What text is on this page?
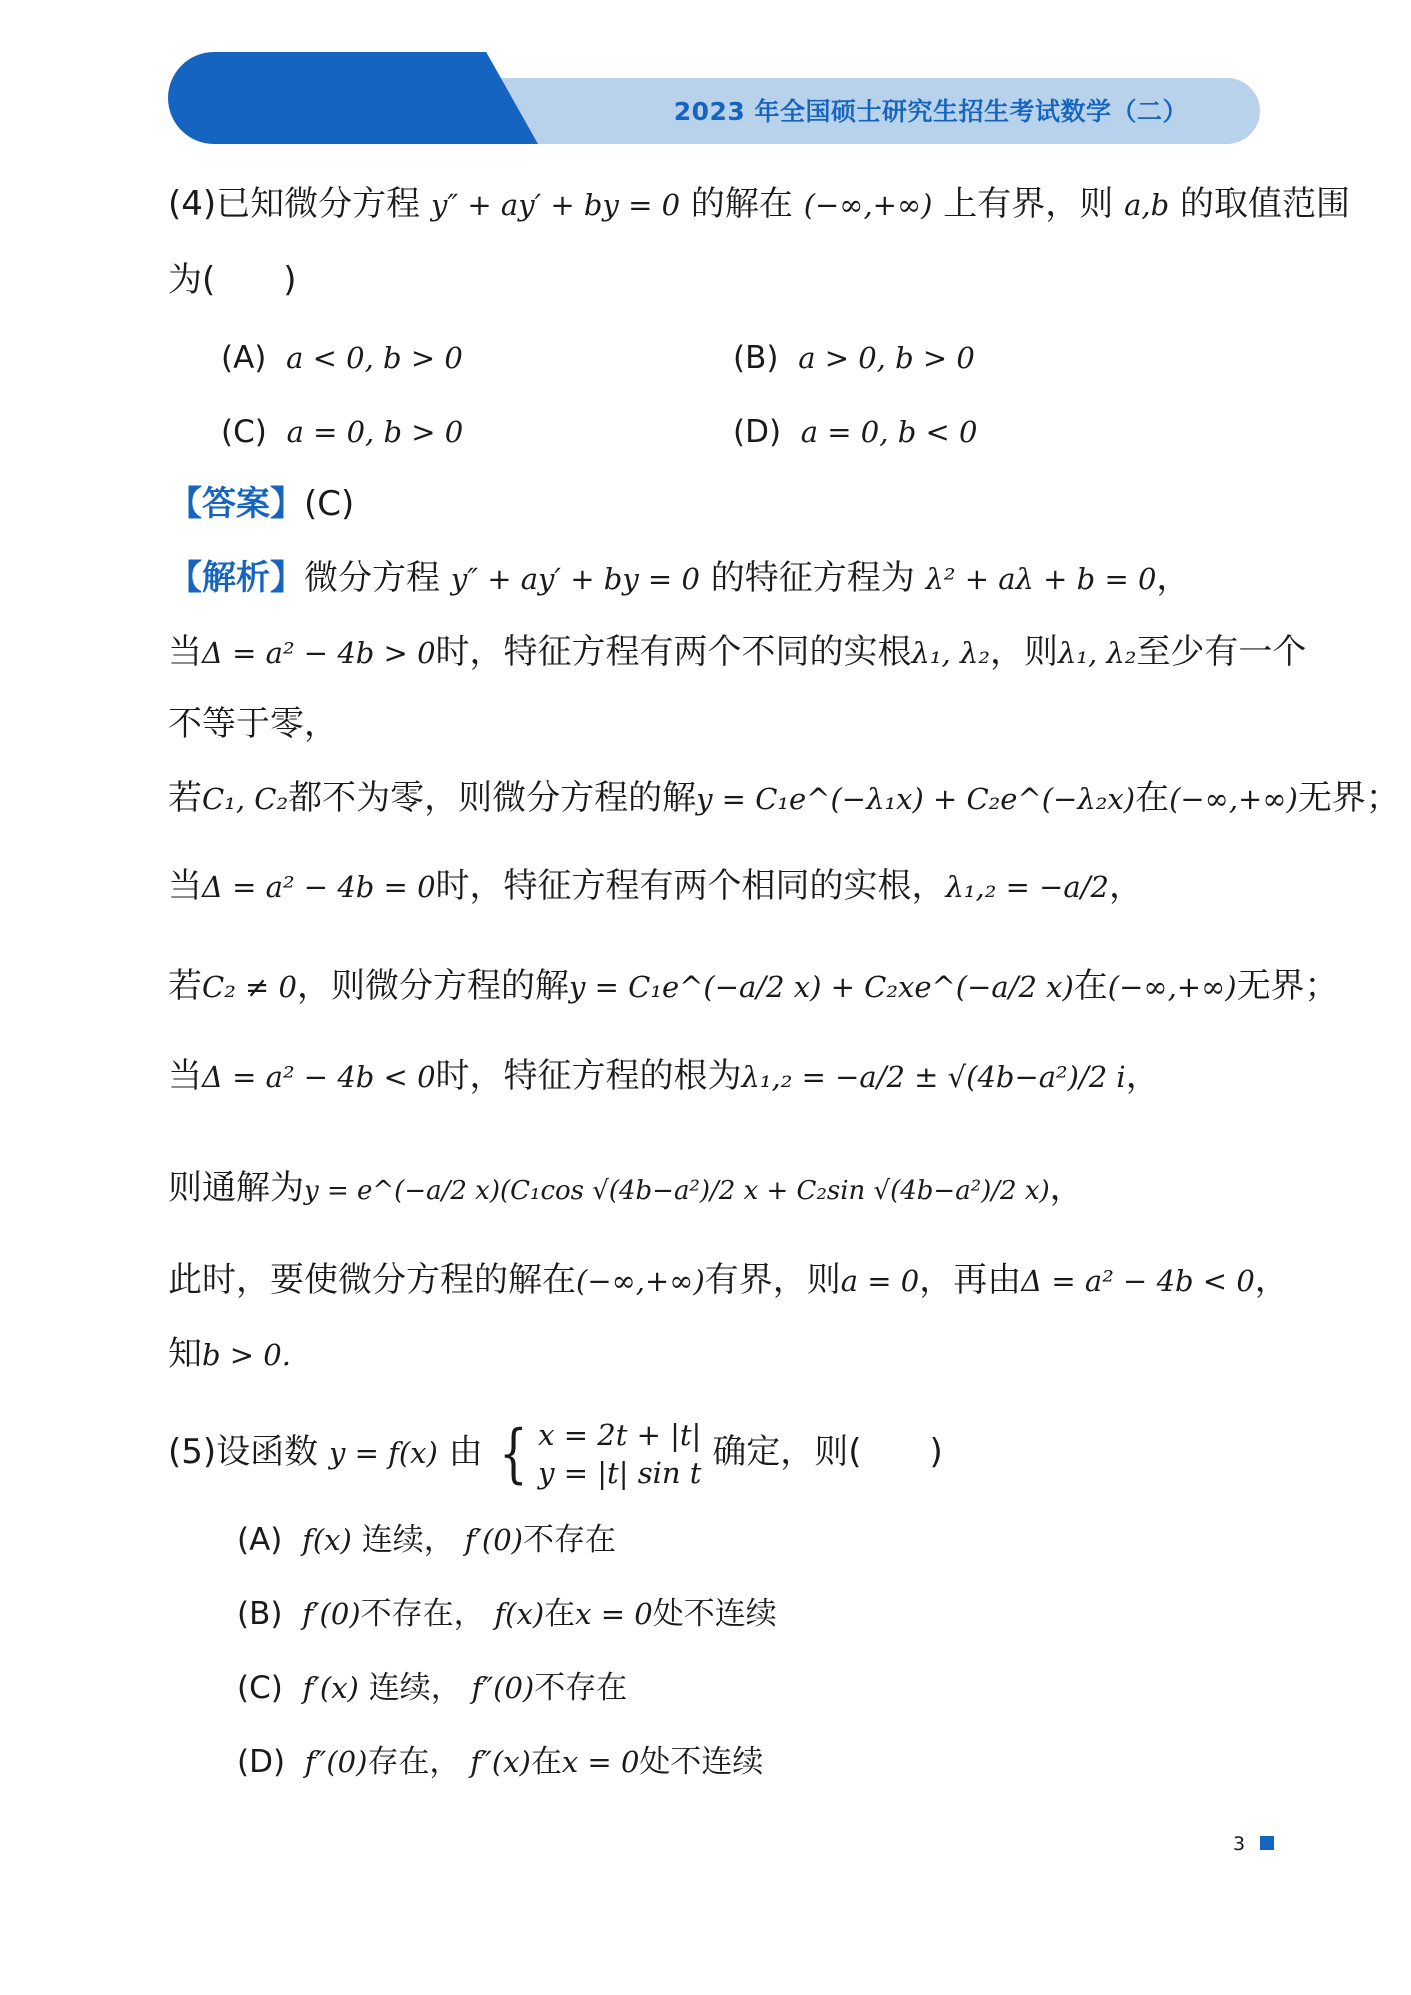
2023 年全国硕士研究生招生考试数学（二）
(4)已知微分方程 y″ + ay′ + by = 0 的解在 (−∞,+∞) 上有界，则 a,b 的取值范围
为(　　)
(A) a < 0, b > 0	(B) a > 0, b > 0
(C) a = 0, b > 0	(D) a = 0, b < 0
【答案】(C)
【解析】微分方程 y″ + ay′ + by = 0 的特征方程为 λ² + aλ + b = 0，
当Δ = a² − 4b > 0时，特征方程有两个不同的实根λ₁, λ₂，则λ₁, λ₂至少有一个
不等于零，
若C₁, C₂都不为零，则微分方程的解y = C₁e^(−λ₁x) + C₂e^(−λ₂x)在(−∞,+∞)无界；
当Δ = a² − 4b = 0时，特征方程有两个相同的实根，λ₁,₂ = −a/2，
若C₂ ≠ 0，则微分方程的解y = C₁e^(−a/2 x) + C₂xe^(−a/2 x)在(−∞,+∞)无界；
当Δ = a² − 4b < 0时，特征方程的根为λ₁,₂ = −a/2 ± √(4b−a²)/2 i，
则通解为y = e^(−a/2 x)(C₁cos √(4b−a²)/2 x + C₂sin √(4b−a²)/2 x)，
此时，要使微分方程的解在(−∞,+∞)有界，则a = 0，再由Δ = a² − 4b < 0，
知b > 0.
(5)设函数 y = f(x) 由 { x = 2t + |t|
y = |t| sin t
确定，则(　　)
(A) f(x) 连续， f′(0)不存在
(B) f′(0)不存在， f(x)在x = 0处不连续
(C) f′(x) 连续， f″(0)不存在
(D) f″(0)存在， f″(x)在x = 0处不连续
3
